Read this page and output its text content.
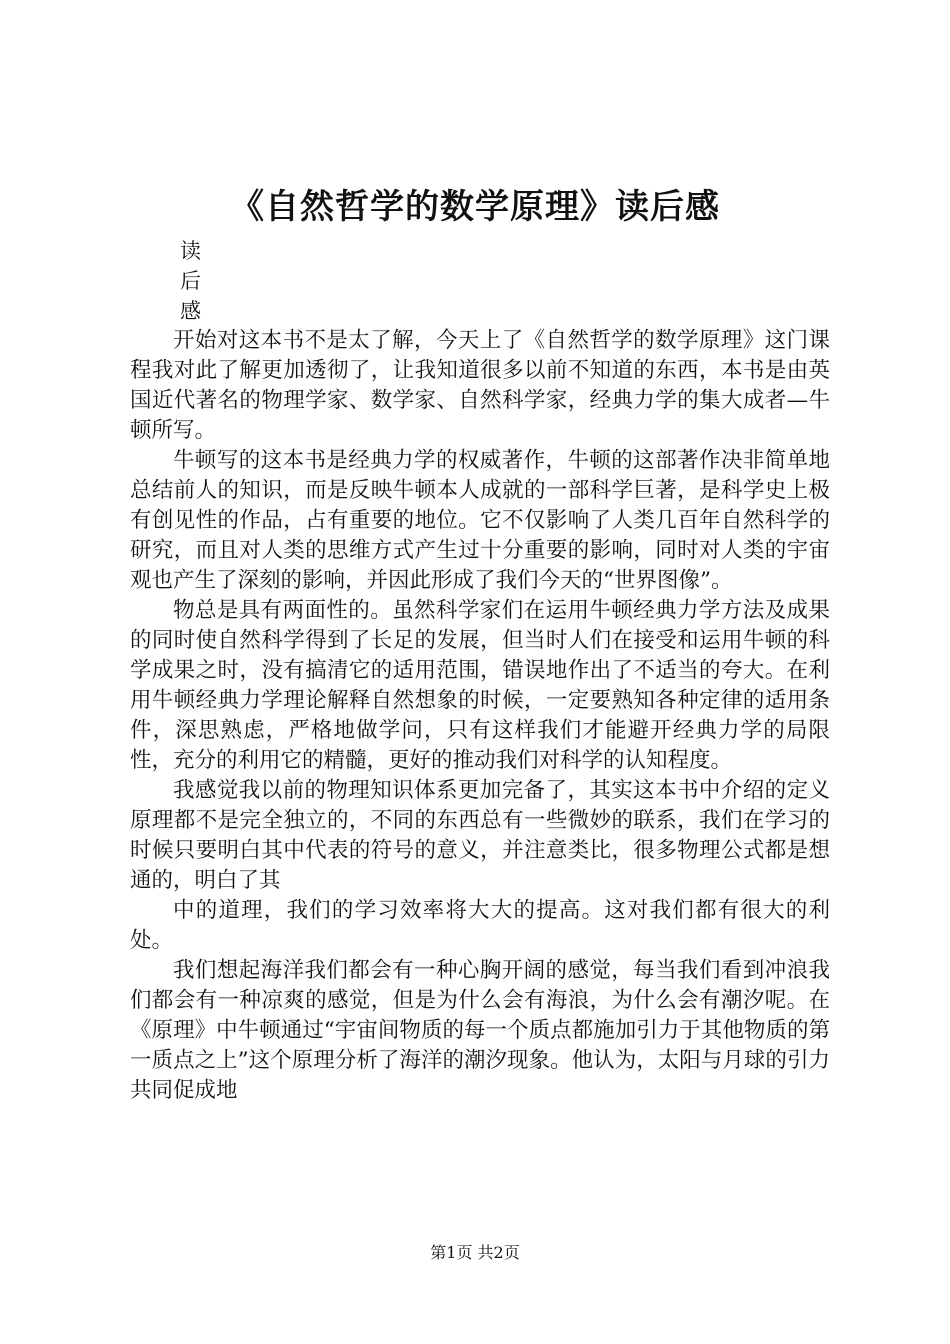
《自然哲学的数学原理》读后感
读
后
感

开始对这本书不是太了解，今天上了《自然哲学的数学原理》这门课程我对此了解更加透彻了，让我知道很多以前不知道的东西，本书是由英国近代著名的物理学家、数学家、自然科学家，经典力学的集大成者—牛顿所写。

牛顿写的这本书是经典力学的权威著作，牛顿的这部著作决非简单地总结前人的知识，而是反映牛顿本人成就的一部科学巨著，是科学史上极有创见性的作品，占有重要的地位。它不仅影响了人类几百年自然科学的研究，而且对人类的思维方式产生过十分重要的影响，同时对人类的宇宙观也产生了深刻的影响，并因此形成了我们今天的“世界图像”。

物总是具有两面性的。虽然科学家们在运用牛顿经典力学方法及成果的同时使自然科学得到了长足的发展，但当时人们在接受和运用牛顿的科学成果之时，没有搞清它的适用范围，错误地作出了不适当的夸大。在利用牛顿经典力学理论解释自然想象的时候，一定要熟知各种定律的适用条件，深思熟虑，严格地做学问，只有这样我们才能避开经典力学的局限性，充分的利用它的精髓，更好的推动我们对科学的认知程度。

我感觉我以前的物理知识体系更加完备了，其实这本书中介绍的定义原理都不是完全独立的，不同的东西总有一些微妙的联系，我们在学习的时候只要明白其中代表的符号的意义，并注意类比，很多物理公式都是想通的，明白了其

中的道理，我们的学习效率将大大的提高。这对我们都有很大的利处。

我们想起海洋我们都会有一种心胸开阔的感觉，每当我们看到冲浪我们都会有一种凉爽的感觉，但是为什么会有海浪，为什么会有潮汐呢。在《原理》中牛顿通过“宇宙间物质的每一个质点都施加引力于其他物质的第一质点之上”这个原理分析了海洋的潮汐现象。他认为，太阳与月球的引力共同促成地

第1页 共2页
